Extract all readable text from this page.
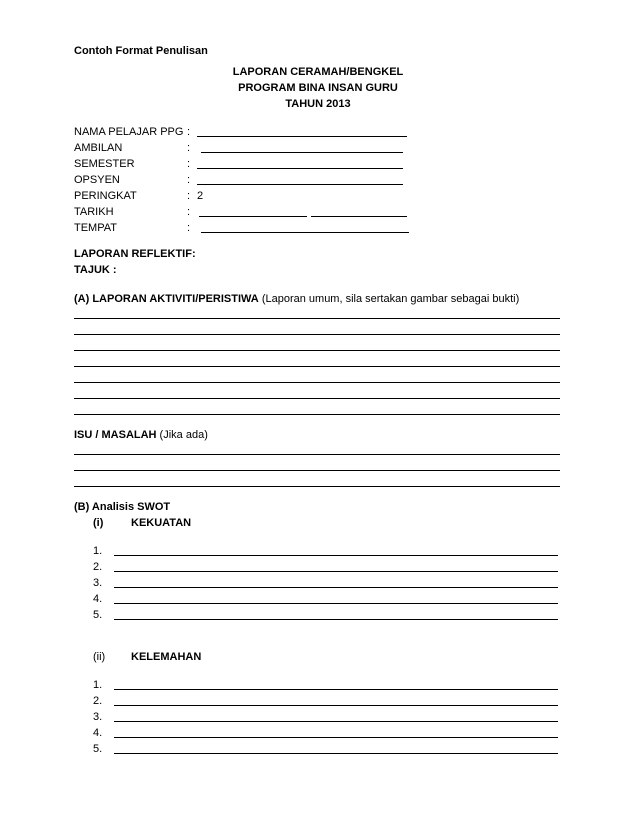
Contoh Format Penulisan
LAPORAN CERAMAH/BENGKEL
PROGRAM BINA INSAN GURU
TAHUN 2013
NAMA PELAJAR PPG :
AMBILAN	:
SEMESTER	:
OPSYEN	:
PERINGKAT	: 2
TARIKH	:
TEMPAT	:
LAPORAN REFLEKTIF:
TAJUK :
(A) LAPORAN AKTIVITI/PERISTIWA (Laporan umum, sila sertakan gambar sebagai bukti)
ISU / MASALAH (Jika ada)
(B) Analisis SWOT
(i)	KEKUATAN
1.
2.
3.
4.
5.
(ii) KELEMAHAN
1.
2.
3.
4.
5.
